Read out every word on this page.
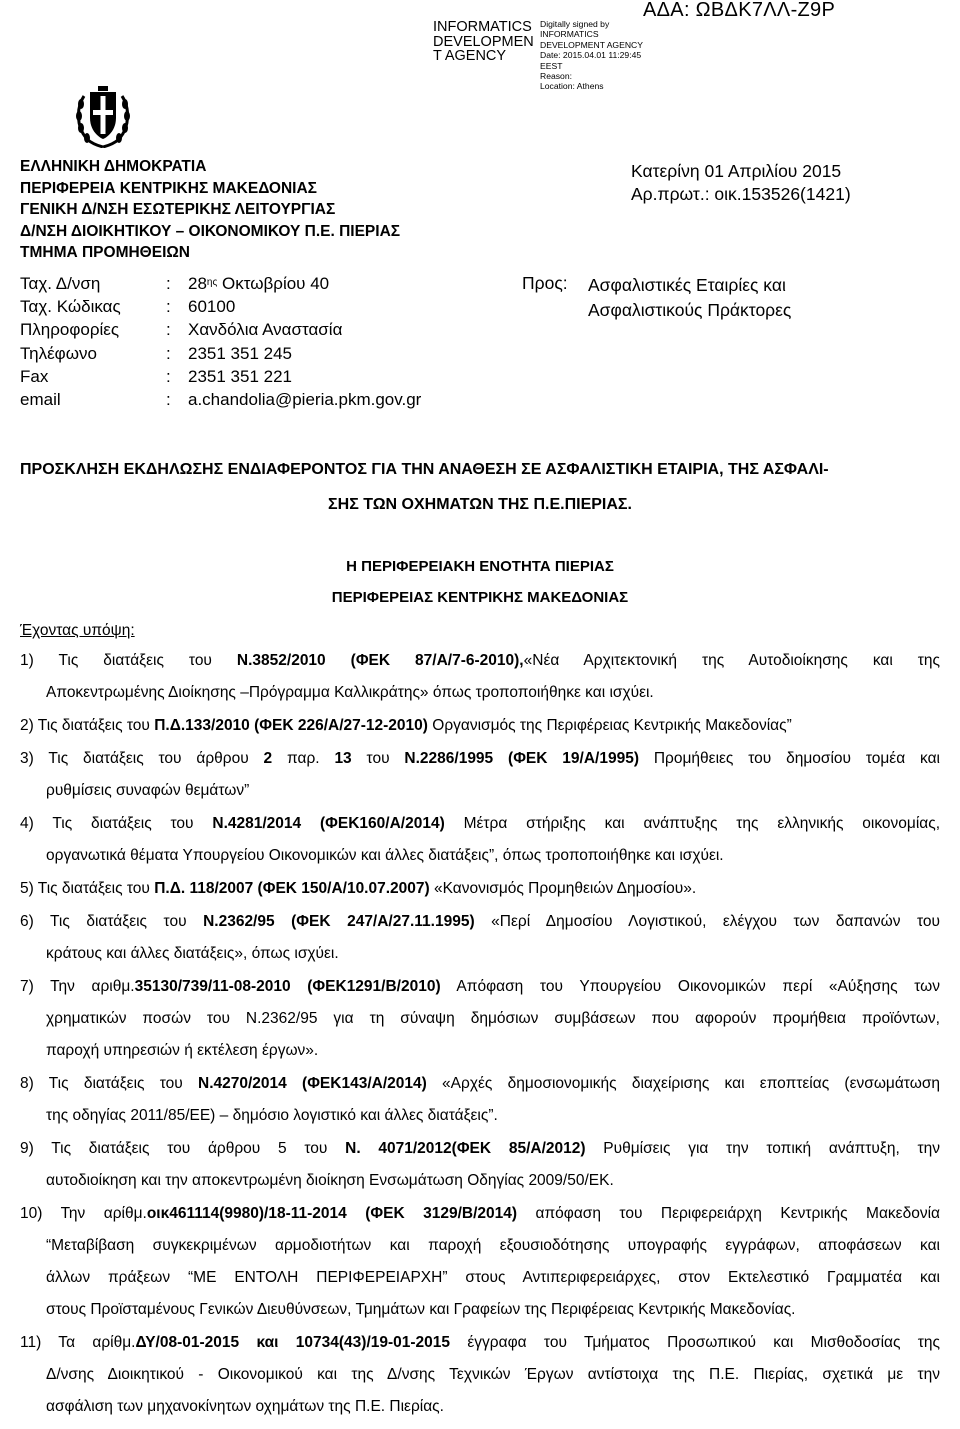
INFORMATICS
DEVELOPMEN
T AGENCY
Digitally signed by
INFORMATICS
DEVELOPMENT AGENCY
Date: 2015.04.01 11:29:45
EEST
Reason:
Location: Athens
ΑΔΑ: ΩΒΔΚ7ΛΛ-Ζ9Ρ
ΕΛΛΗΝΙΚΗ ΔΗΜΟΚΡΑΤΙΑ
ΠΕΡΙΦΕΡΕΙΑ ΚΕΝΤΡΙΚΗΣ ΜΑΚΕΔΟΝΙΑΣ
ΓΕΝΙΚΗ Δ/ΝΣΗ ΕΣΩΤΕΡΙΚΗΣ ΛΕΙΤΟΥΡΓΙΑΣ
Δ/ΝΣΗ ΔΙΟΙΚΗΤΙΚΟΥ – ΟΙΚΟΝΟΜΙΚΟΥ Π.Ε. ΠΙΕΡΙΑΣ
ΤΜΗΜΑ ΠΡΟΜΗΘΕΙΩΝ
Ταχ. Δ/νση	: $28^{\eta\varsigma}$ Οκτωβρίου 40
Ταχ. Κώδικας	: 60100
Πληροφορίες	: Χανδόλια Αναστασία
Τηλέφωνο	: 2351 351 245
Fax	: 2351 351 221
email	: a.chandolia@pieria.pkm.gov.gr
Κατερίνη 01 Απριλίου 2015
Αρ.πρωτ.: οικ.153526(1421)
Προς: Ασφαλιστικές Εταιρίες και
Ασφαλιστικούς Πράκτορες
ΠΡΟΣΚΛΗΣΗ ΕΚΔΗΛΩΣΗΣ ΕΝΔΙΑΦΕΡΟΝΤΟΣ ΓΙΑ ΤΗΝ ΑΝΑΘΕΣΗ ΣΕ ΑΣΦΑΛΙΣΤΙΚΗ ΕΤΑΙΡΙΑ, ΤΗΣ ΑΣΦΑΛΙ-
ΣΗΣ ΤΩΝ ΟΧΗΜΑΤΩΝ ΤΗΣ Π.Ε.ΠΙΕΡΙΑΣ.
Η ΠΕΡΙΦΕΡΕΙΑΚΗ ΕΝΟΤΗΤΑ ΠΙΕΡΙΑΣ
ΠΕΡΙΦΕΡΕΙΑΣ ΚΕΝΤΡΙΚΗΣ ΜΑΚΕΔΟΝΙΑΣ
Έχοντας υπόψη:
1) Τις διατάξεις του Ν.3852/2010 (ΦΕΚ 87/Α/7-6-2010),«Νέα Αρχιτεκτονική της Αυτοδιοίκησης και της
Αποκεντρωμένης Διοίκησης –Πρόγραμμα Καλλικράτης» όπως τροποποιήθηκε και ισχύει.
2) Τις διατάξεις του Π.Δ.133/2010 (ΦΕΚ 226/Α/27-12-2010) Οργανισμός της Περιφέρειας Κεντρικής Μακεδονίας”
3) Τις διατάξεις του άρθρου 2 παρ. 13 του Ν.2286/1995 (ΦΕΚ 19/Α/1995) Προμήθειες του δημοσίου τομέα και
ρυθμίσεις συναφών θεμάτων”
4) Τις διατάξεις του Ν.4281/2014 (ΦΕΚ160/Α/2014) Μέτρα στήριξης και ανάπτυξης της ελληνικής οικονομίας,
οργανωτικά θέματα Υπουργείου Οικονομικών και άλλες διατάξεις”, όπως τροποποιήθηκε και ισχύει.
5) Τις διατάξεις του Π.Δ. 118/2007 (ΦΕΚ 150/Α/10.07.2007) «Κανονισμός Προμηθειών Δημοσίου».
6) Τις διατάξεις του Ν.2362/95 (ΦΕΚ 247/Α/27.11.1995) «Περί Δημοσίου Λογιστικού, ελέγχου των δαπανών του
κράτους και άλλες διατάξεις», όπως ισχύει.
7) Την αριθμ.35130/739/11-08-2010 (ΦΕΚ1291/Β/2010) Απόφαση του Υπουργείου Οικονομικών περί «Αύξησης των
χρηματικών ποσών του Ν.2362/95 για τη σύναψη δημόσιων συμβάσεων που αφορούν προμήθεια προϊόντων,
παροχή υπηρεσιών ή εκτέλεση έργων».
8) Τις διατάξεις του Ν.4270/2014 (ΦΕΚ143/Α/2014) «Αρχές δημοσιονομικής διαχείρισης και εποπτείας (ενσωμάτωση
της οδηγίας 2011/85/ΕΕ) – δημόσιο λογιστικό και άλλες διατάξεις”.
9) Τις διατάξεις του άρθρου 5 του Ν. 4071/2012(ΦΕΚ 85/Α/2012) Ρυθμίσεις για την τοπική ανάπτυξη, την
αυτοδιοίκηση και την αποκεντρωμένη διοίκηση Ενσωμάτωση Οδηγίας 2009/50/ΕΚ.
10) Την αρίθμ.οικ461114(9980)/18-11-2014 (ΦΕΚ 3129/Β/2014) απόφαση του Περιφερειάρχη Κεντρικής Μακεδονία
“Μεταβίβαση συγκεκριμένων αρμοδιοτήτων και παροχή εξουσιοδότησης υπογραφής εγγράφων, αποφάσεων και
άλλων πράξεων “ΜΕ ΕΝΤΟΛΗ ΠΕΡΙΦΕΡΕΙΑΡΧΗ” στους Αντιπεριφερειάρχες, στον Εκτελεστικό Γραμματέα και
στους Προϊσταμένους Γενικών Διευθύνσεων, Τμημάτων και Γραφείων της Περιφέρειας Κεντρικής Μακεδονίας.
11) Τα αρίθμ.ΔΥ/08-01-2015 και 10734(43)/19-01-2015 έγγραφα του Τμήματος Προσωπικού και Μισθοδοσίας της
Δ/νσης Διοικητικού - Οικονομικού και της Δ/νσης Τεχνικών Έργων αντίστοιχα της Π.Ε. Πιερίας, σχετικά με την
ασφάλιση των μηχανοκίνητων οχημάτων της Π.Ε. Πιερίας.
